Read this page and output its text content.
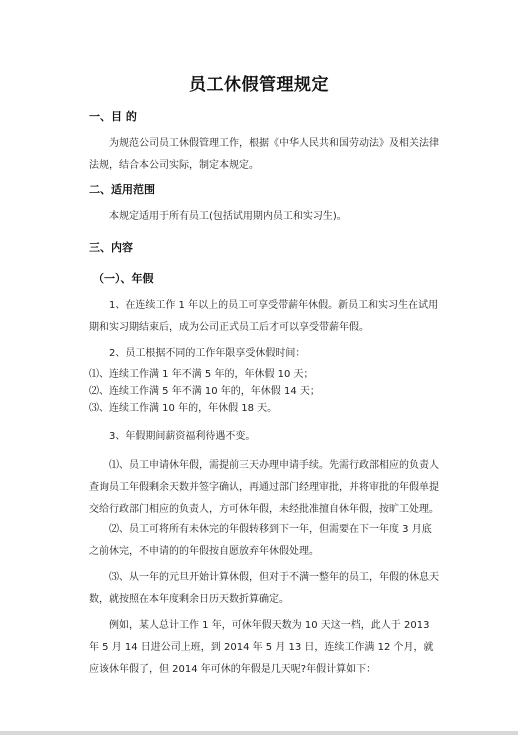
员工休假管理规定
一、目 的
为规范公司员工休假管理工作，根据《中华人民共和国劳动法》及相关法律法规，结合本公司实际，制定本规定。
二、适用范围
本规定适用于所有员工(包括试用期内员工和实习生)。
三、内容
（一）、年假
1、在连续工作 1 年以上的员工可享受带薪年休假。新员工和实习生在试用期和实习期结束后，成为公司正式员工后才可以享受带薪年假。
2、员工根据不同的工作年限享受休假时间：
⑴、连续工作满 1 年不满 5 年的，年休假 10 天；
⑵、连续工作满 5 年不满 10 年的，年休假 14 天；
⑶、连续工作满 10 年的，年休假 18 天。
3、年假期间薪资福利待遇不变。
⑴、员工申请休年假，需提前三天办理申请手续。先需行政部相应的负责人查询员工年假剩余天数并签字确认，再通过部门经理审批，并将审批的年假单提交给行政部门相应的负责人，方可休年假，未经批准擅自休年假，按旷工处理。
⑵、员工可将所有未休完的年假转移到下一年，但需要在下一年度 3 月底之前休完，不申请的的年假按自愿放弃年休假处理。
⑶、从一年的元旦开始计算休假，但对于不满一整年的员工，年假的休息天数，就按照在本年度剩余日历天数折算确定。
例如，某人总计工作 1 年，可休年假天数为 10 天这一档，此人于 2013 年 5 月 14 日进公司上班，到 2014 年 5 月 13 日，连续工作满 12 个月，就应该休年假了，但 2014 年可休的年假是几天呢?年假计算如下：
